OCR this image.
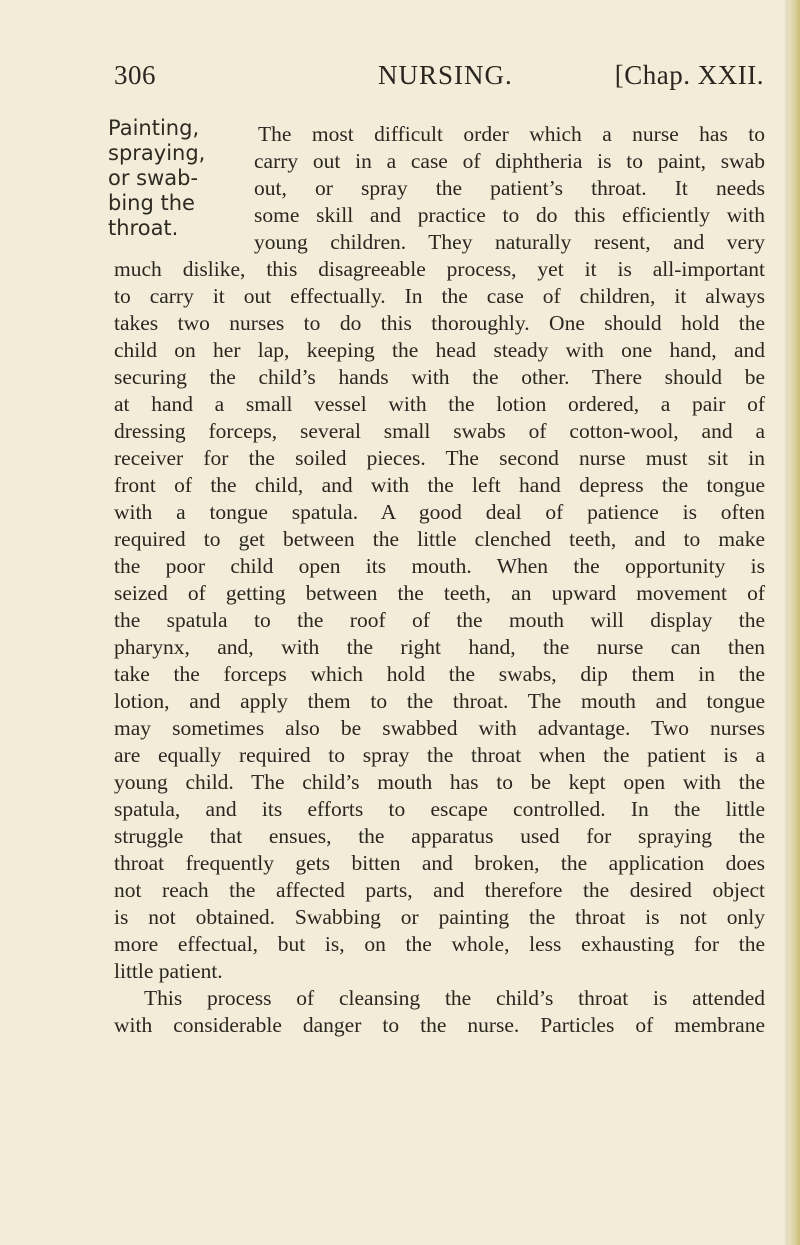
306	NURSING.	[Chap. XXII.
Painting,
spraying,
or swab-
bing the
throat.
The most difficult order which a nurse has to
carry out in a case of diphtheria is to paint, swab
out, or spray the patient’s throat. It needs
some skill and practice to do this efficiently with
young children. They naturally resent, and very
much dislike, this disagreeable process, yet it is all-important
to carry it out effectually. In the case of children, it always
takes two nurses to do this thoroughly. One should hold the
child on her lap, keeping the head steady with one hand, and
securing the child’s hands with the other. There should be
at hand a small vessel with the lotion ordered, a pair of
dressing forceps, several small swabs of cotton-wool, and a
receiver for the soiled pieces. The second nurse must sit in
front of the child, and with the left hand depress the tongue
with a tongue spatula. A good deal of patience is often
required to get between the little clenched teeth, and to make
the poor child open its mouth. When the opportunity is
seized of getting between the teeth, an upward movement of
the spatula to the roof of the mouth will display the
pharynx, and, with the right hand, the nurse can then
take the forceps which hold the swabs, dip them in the
lotion, and apply them to the throat. The mouth and tongue
may sometimes also be swabbed with advantage. Two nurses
are equally required to spray the throat when the patient is a
young child. The child’s mouth has to be kept open with the
spatula, and its efforts to escape controlled. In the little
struggle that ensues, the apparatus used for spraying the
throat frequently gets bitten and broken, the application does
not reach the affected parts, and therefore the desired object
is not obtained. Swabbing or painting the throat is not only
more effectual, but is, on the whole, less exhausting for the
little patient.
This process of cleansing the child’s throat is attended
with considerable danger to the nurse. Particles of membrane
